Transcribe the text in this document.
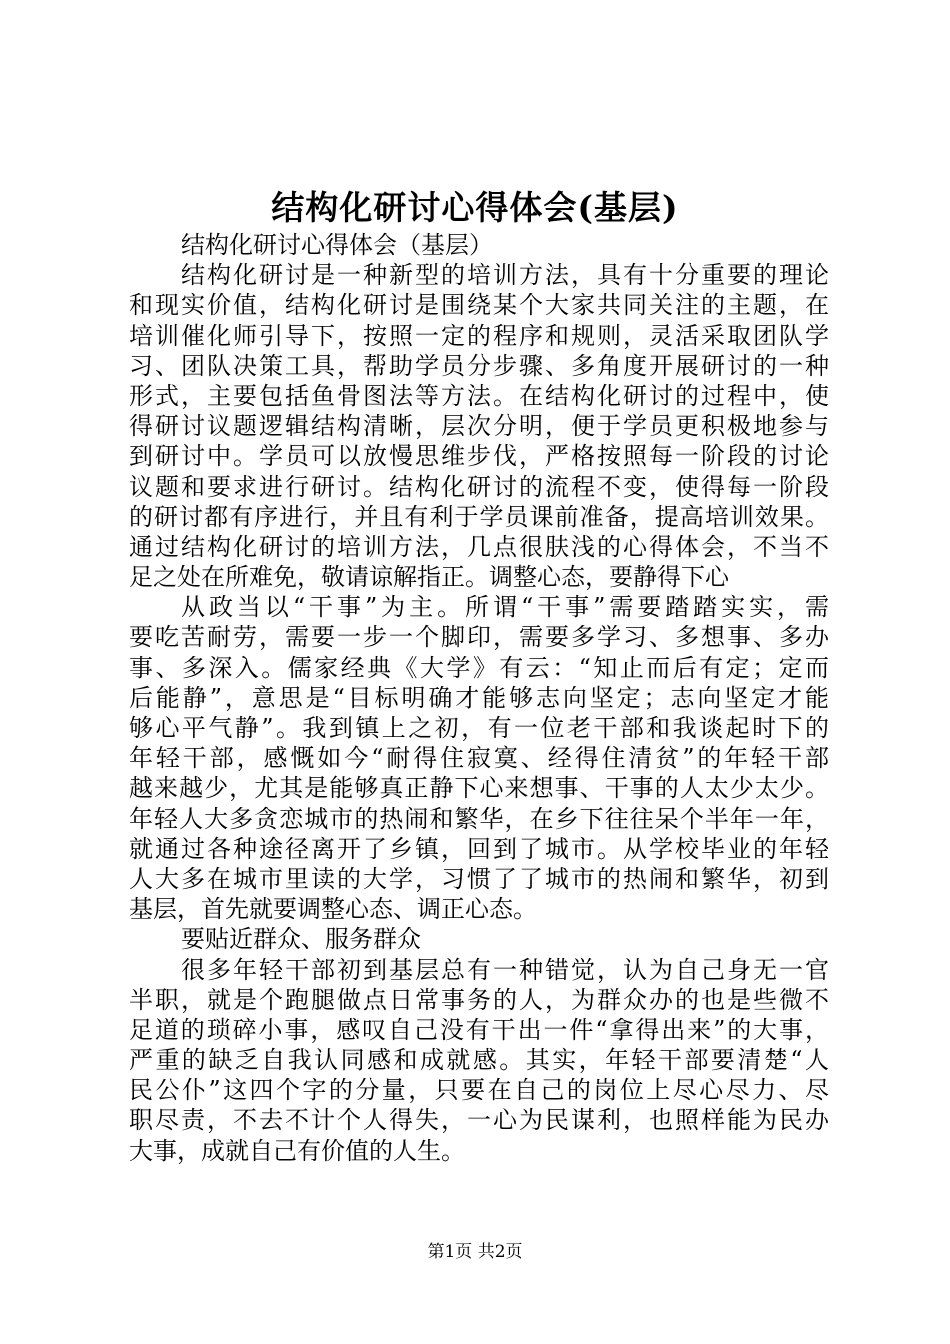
结构化研讨心得体会(基层)
结构化研讨心得体会（基层）
结构化研讨是一种新型的培训方法，具有十分重要的理论
和现实价值，结构化研讨是围绕某个大家共同关注的主题，在
培训催化师引导下，按照一定的程序和规则，灵活采取团队学
习、团队决策工具，帮助学员分步骤、多角度开展研讨的一种
形式，主要包括鱼骨图法等方法。在结构化研讨的过程中，使
得研讨议题逻辑结构清晰，层次分明，便于学员更积极地参与
到研讨中。学员可以放慢思维步伐，严格按照每一阶段的讨论
议题和要求进行研讨。结构化研讨的流程不变，使得每一阶段
的研讨都有序进行，并且有利于学员课前准备，提高培训效果。
通过结构化研讨的培训方法，几点很肤浅的心得体会，不当不
足之处在所难免，敬请谅解指正。调整心态，要静得下心
从政当以“干事”为主。所谓“干事”需要踏踏实实，需
要吃苦耐劳，需要一步一个脚印，需要多学习、多想事、多办
事、多深入。儒家经典《大学》有云：“知止而后有定；定而
后能静”，意思是“目标明确才能够志向坚定；志向坚定才能
够心平气静”。我到镇上之初，有一位老干部和我谈起时下的
年轻干部，感慨如今“耐得住寂寞、经得住清贫”的年轻干部
越来越少，尤其是能够真正静下心来想事、干事的人太少太少。
年轻人大多贪恋城市的热闹和繁华，在乡下往往呆个半年一年，
就通过各种途径离开了乡镇，回到了城市。从学校毕业的年轻
人大多在城市里读的大学，习惯了了城市的热闹和繁华，初到
基层，首先就要调整心态、调正心态。
要贴近群众、服务群众
很多年轻干部初到基层总有一种错觉，认为自己身无一官
半职，就是个跑腿做点日常事务的人，为群众办的也是些微不
足道的琐碎小事，感叹自己没有干出一件“拿得出来”的大事，
严重的缺乏自我认同感和成就感。其实，年轻干部要清楚“人
民公仆”这四个字的分量，只要在自己的岗位上尽心尽力、尽
职尽责，不去不计个人得失，一心为民谋利，也照样能为民办
大事，成就自己有价值的人生。
第1页 共2页
